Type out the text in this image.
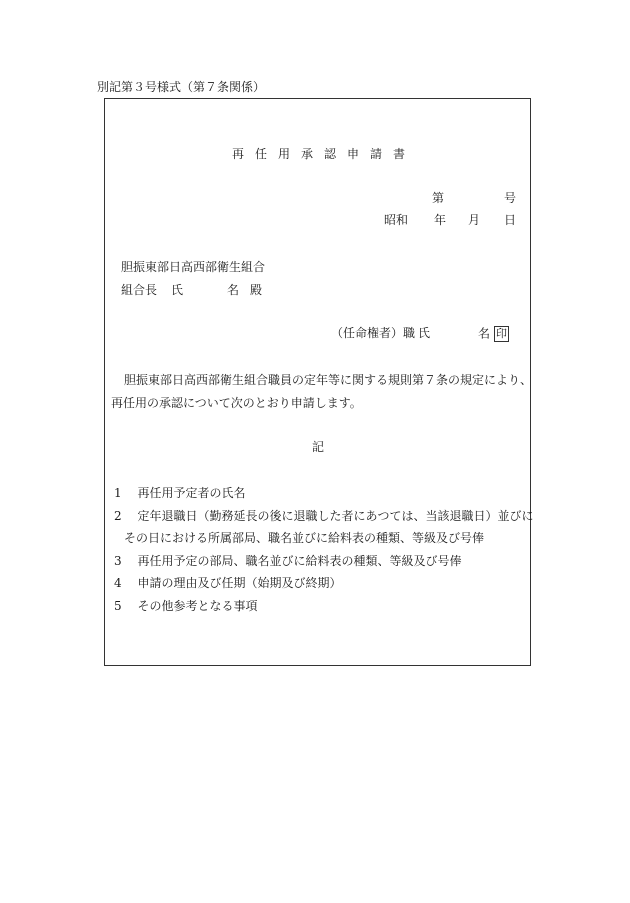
別記第３号様式（第７条関係）
再任用承認申請書
第	号
昭和 年 月 日
胆振東部日高西部衛生組合
組合長 氏	名 殿
（任命権者）職 氏	名 印
胆振東部日高西部衛生組合職員の定年等に関する規則第７条の規定により、
再任用の承認について次のとおり申請します。
記
1 再任用予定者の氏名
2 定年退職日（勤務延長の後に退職した者にあつては、当該退職日）並びに
その日における所属部局、職名並びに給料表の種類、等級及び号俸
3 再任用予定の部局、職名並びに給料表の種類、等級及び号俸
4 申請の理由及び任期（始期及び終期）
5 その他参考となる事項
